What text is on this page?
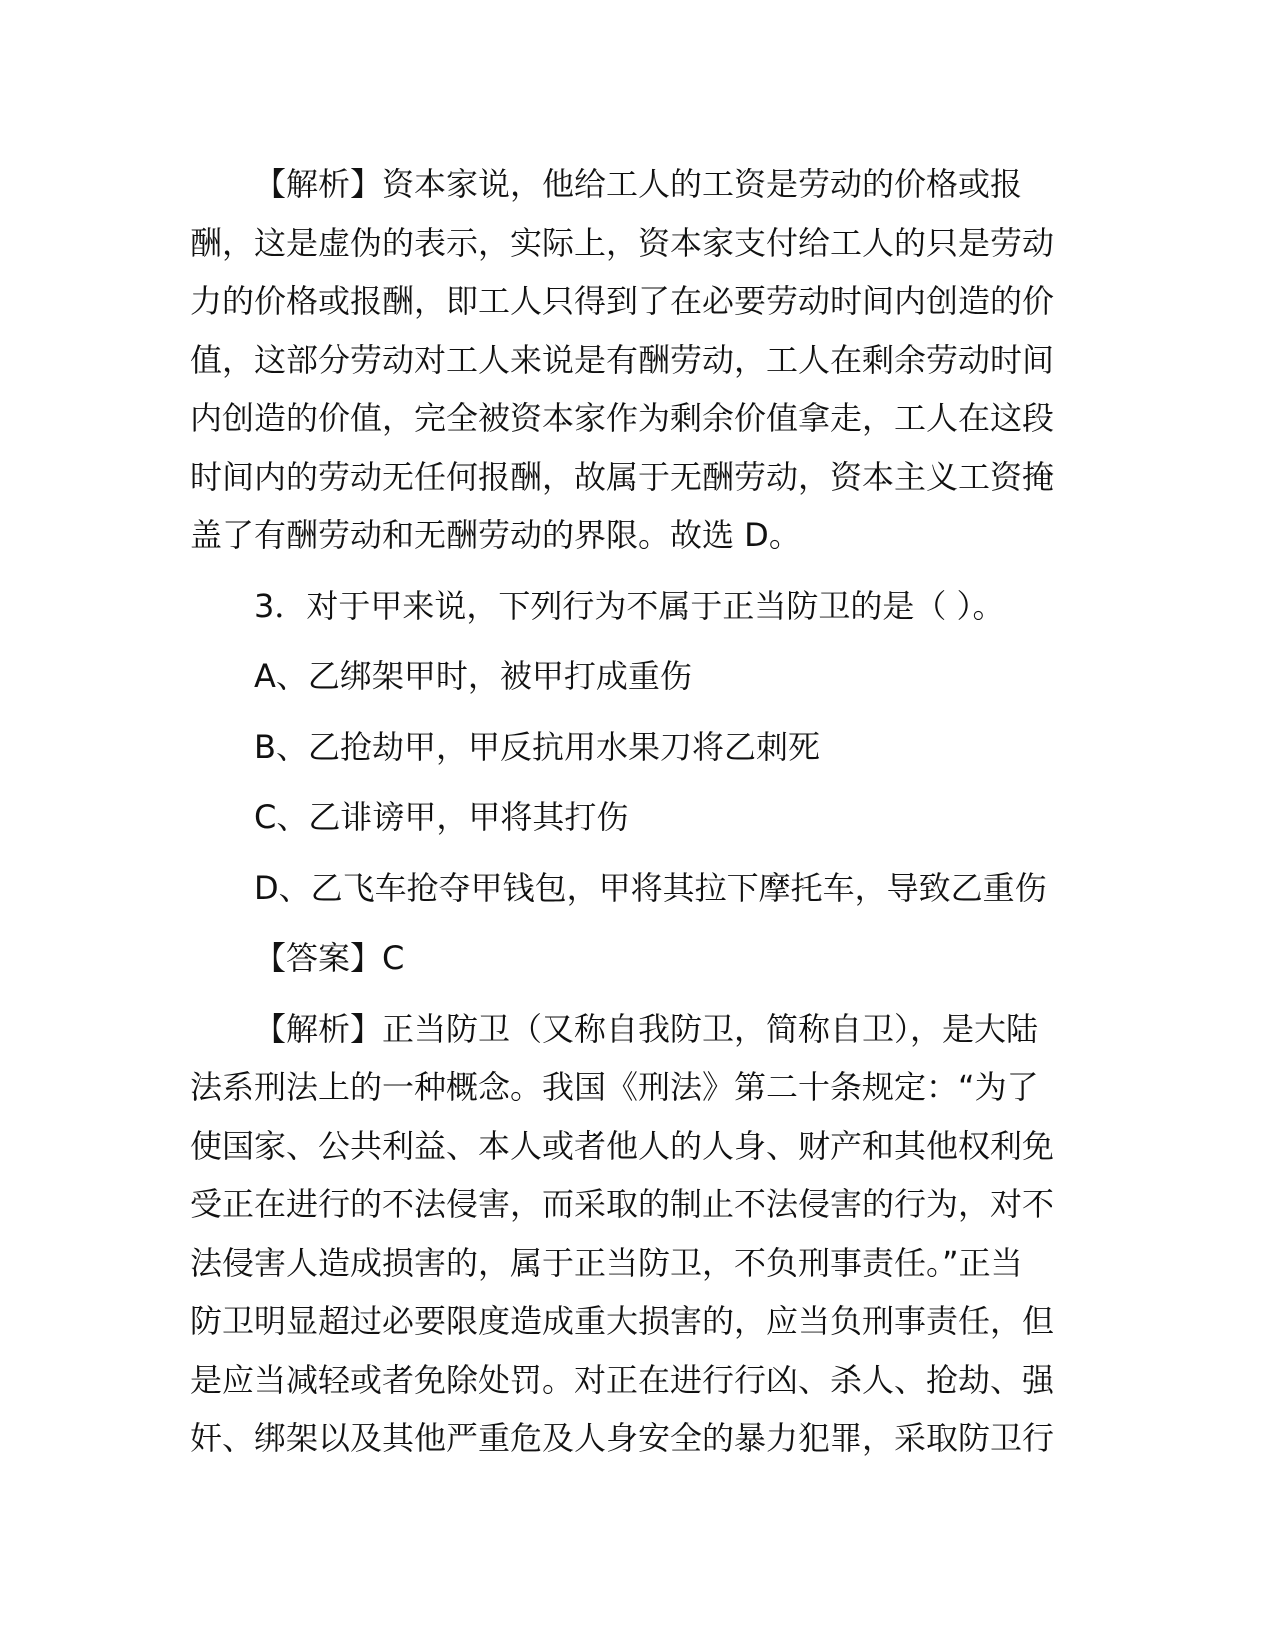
【解析】资本家说，他给工人的工资是劳动的价格或报
酬，这是虚伪的表示，实际上，资本家支付给工人的只是劳动
力的价格或报酬，即工人只得到了在必要劳动时间内创造的价
值，这部分劳动对工人来说是有酬劳动，工人在剩余劳动时间
内创造的价值，完全被资本家作为剩余价值拿走，工人在这段
时间内的劳动无任何报酬，故属于无酬劳动，资本主义工资掩
盖了有酬劳动和无酬劳动的界限。故选 D。

3．对于甲来说，下列行为不属于正当防卫的是（ ）。
A、乙绑架甲时，被甲打成重伤
B、乙抢劫甲，甲反抗用水果刀将乙刺死
C、乙诽谤甲，甲将其打伤
D、乙飞车抢夺甲钱包，甲将其拉下摩托车，导致乙重伤
【答案】C

【解析】正当防卫（又称自我防卫，简称自卫），是大陆
法系刑法上的一种概念。我国《刑法》第二十条规定：“为了
使国家、公共利益、本人或者他人的人身、财产和其他权利免
受正在进行的不法侵害，而采取的制止不法侵害的行为，对不
法侵害人造成损害的，属于正当防卫，不负刑事责任。”正当
防卫明显超过必要限度造成重大损害的，应当负刑事责任，但
是应当减轻或者免除处罚。对正在进行行凶、杀人、抢劫、强
奸、绑架以及其他严重危及人身安全的暴力犯罪，采取防卫行
